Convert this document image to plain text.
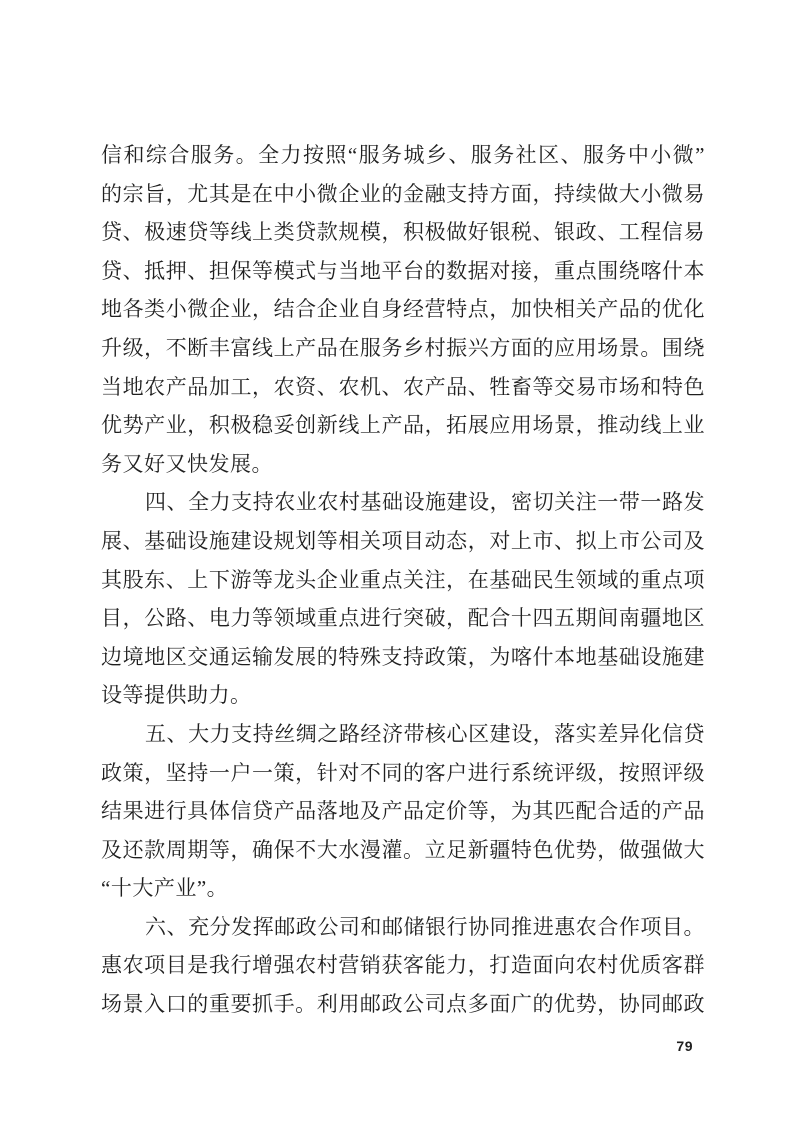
信和综合服务。全力按照“服务城乡、服务社区、服务中小微”
的宗旨，尤其是在中小微企业的金融支持方面，持续做大小微易
贷、极速贷等线上类贷款规模，积极做好银税、银政、工程信易
贷、抵押、担保等模式与当地平台的数据对接，重点围绕喀什本
地各类小微企业，结合企业自身经营特点，加快相关产品的优化
升级，不断丰富线上产品在服务乡村振兴方面的应用场景。围绕
当地农产品加工，农资、农机、农产品、牲畜等交易市场和特色
优势产业，积极稳妥创新线上产品，拓展应用场景，推动线上业
务又好又快发展。
四、全力支持农业农村基础设施建设，密切关注一带一路发
展、基础设施建设规划等相关项目动态，对上市、拟上市公司及
其股东、上下游等龙头企业重点关注，在基础民生领域的重点项
目，公路、电力等领域重点进行突破，配合十四五期间南疆地区
边境地区交通运输发展的特殊支持政策，为喀什本地基础设施建
设等提供助力。
五、大力支持丝绸之路经济带核心区建设，落实差异化信贷
政策，坚持一户一策，针对不同的客户进行系统评级，按照评级
结果进行具体信贷产品落地及产品定价等，为其匹配合适的产品
及还款周期等，确保不大水漫灌。立足新疆特色优势，做强做大
“十大产业”。
六、充分发挥邮政公司和邮储银行协同推进惠农合作项目。
惠农项目是我行增强农村营销获客能力，打造面向农村优质客群
场景入口的重要抓手。利用邮政公司点多面广的优势，协同邮政
79
